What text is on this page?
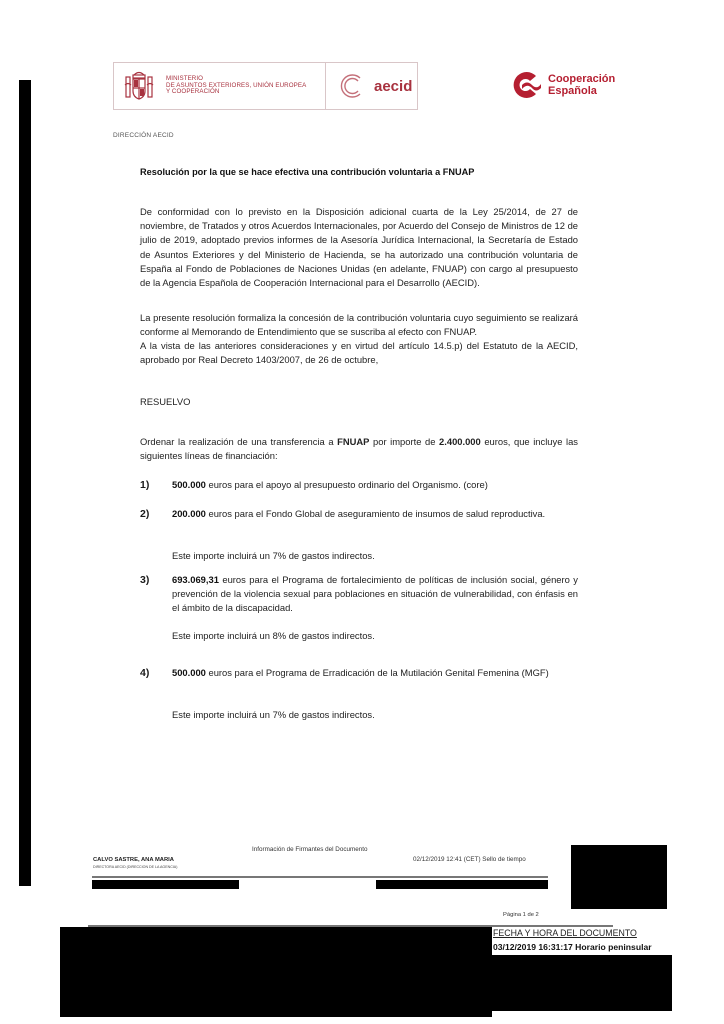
MINISTERIO
DE ASUNTOS EXTERIORES, UNIÓN EUROPEA
Y COOPERACIÓN	aecid	Cooperación
Española
DIRECCIÓN AECID
Resolución por la que se hace efectiva una contribución voluntaria a FNUAP
De conformidad con lo previsto en la Disposición adicional cuarta de la Ley 25/2014, de 27 de noviembre, de Tratados y otros Acuerdos Internacionales, por Acuerdo del Consejo de Ministros de 12 de julio de 2019, adoptado previos informes de la Asesoría Jurídica Internacional, la Secretaría de Estado de Asuntos Exteriores y del Ministerio de Hacienda, se ha autorizado una contribución voluntaria de España al Fondo de Poblaciones de Naciones Unidas (en adelante, FNUAP) con cargo al presupuesto de la Agencia Española de Cooperación Internacional para el Desarrollo (AECID).
La presente resolución formaliza la concesión de la contribución voluntaria cuyo seguimiento se realizará conforme al Memorando de Entendimiento que se suscriba al efecto con FNUAP.
A la vista de las anteriores consideraciones y en virtud del artículo 14.5.p) del Estatuto de la AECID, aprobado por Real Decreto 1403/2007, de 26 de octubre,
RESUELVO
Ordenar la realización de una transferencia a FNUAP por importe de 2.400.000 euros, que incluye las siguientes líneas de financiación:
1) 500.000 euros para el apoyo al presupuesto ordinario del Organismo. (core)
2) 200.000 euros para el Fondo Global de aseguramiento de insumos de salud reproductiva.
Este importe incluirá un 7% de gastos indirectos.
3) 693.069,31 euros para el Programa de fortalecimiento de políticas de inclusión social, género y prevención de la violencia sexual para poblaciones en situación de vulnerabilidad, con énfasis en el ámbito de la discapacidad.
Este importe incluirá un 8% de gastos indirectos.
4) 500.000 euros para el Programa de Erradicación de la Mutilación Genital Femenina (MGF)
Este importe incluirá un 7% de gastos indirectos.
Información de Firmantes del Documento
CALVO SASTRE, ANA MARIA
DIRECTORA AECID (DIRECCION DE LA AGENCIA)
02/12/2019 12:41 (CET) Sello de tiempo
Página 1 de 2
FECHA Y HORA DEL DOCUMENTO
03/12/2019 16:31:17 Horario peninsular
